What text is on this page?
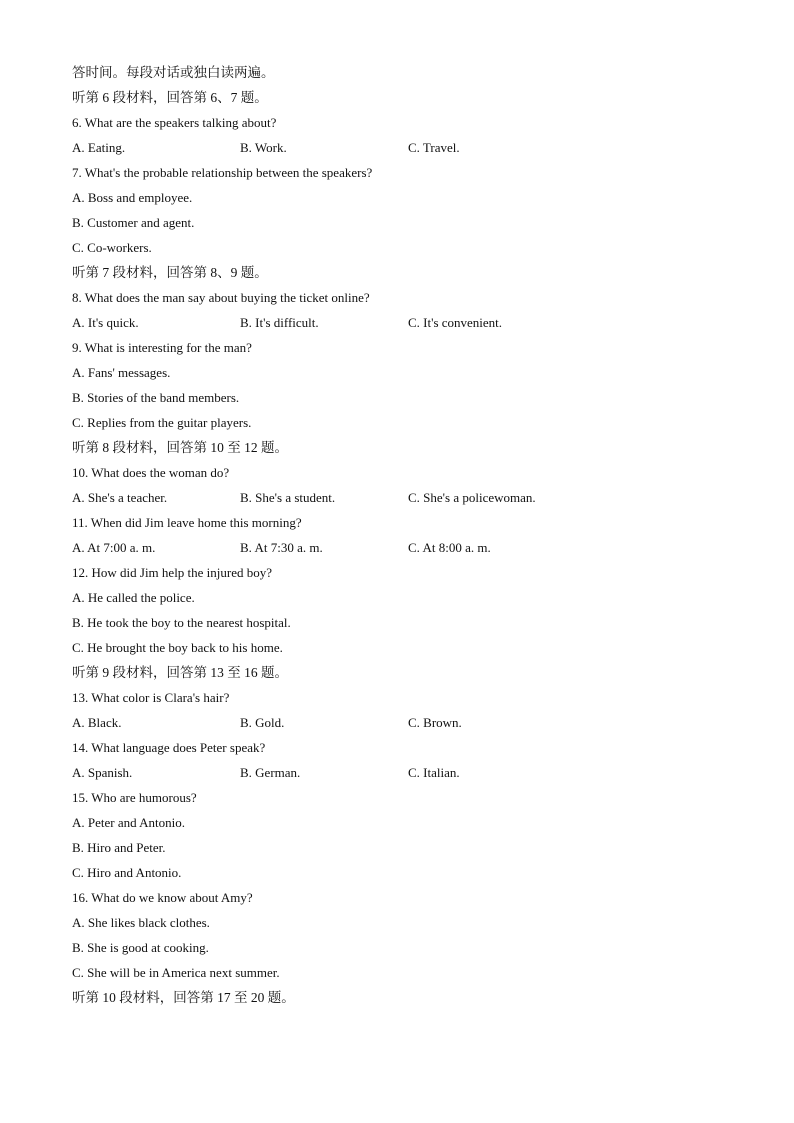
答时间。每段对话或独白读两遍。
听第 6 段材料，回答第 6、7 题。
6. What are the speakers talking about?
A. Eating.	B. Work.	C. Travel.
7. What's the probable relationship between the speakers?
A. Boss and employee.
B. Customer and agent.
C. Co-workers.
听第 7 段材料，回答第 8、9 题。
8. What does the man say about buying the ticket online?
A. It's quick.	B. It's difficult.	C. It's convenient.
9. What is interesting for the man?
A. Fans' messages.
B. Stories of the band members.
C. Replies from the guitar players.
听第 8 段材料，回答第 10 至 12 题。
10. What does the woman do?
A. She's a teacher.	B. She's a student.	C. She's a policewoman.
11. When did Jim leave home this morning?
A. At 7:00 a. m.	B. At 7:30 a. m.	C. At 8:00 a. m.
12. How did Jim help the injured boy?
A. He called the police.
B. He took the boy to the nearest hospital.
C. He brought the boy back to his home.
听第 9 段材料，回答第 13 至 16 题。
13. What color is Clara's hair?
A. Black.	B. Gold.	C. Brown.
14. What language does Peter speak?
A. Spanish.	B. German.	C. Italian.
15. Who are humorous?
A. Peter and Antonio.
B. Hiro and Peter.
C. Hiro and Antonio.
16. What do we know about Amy?
A. She likes black clothes.
B. She is good at cooking.
C. She will be in America next summer.
听第 10 段材料，回答第 17 至 20 题。
